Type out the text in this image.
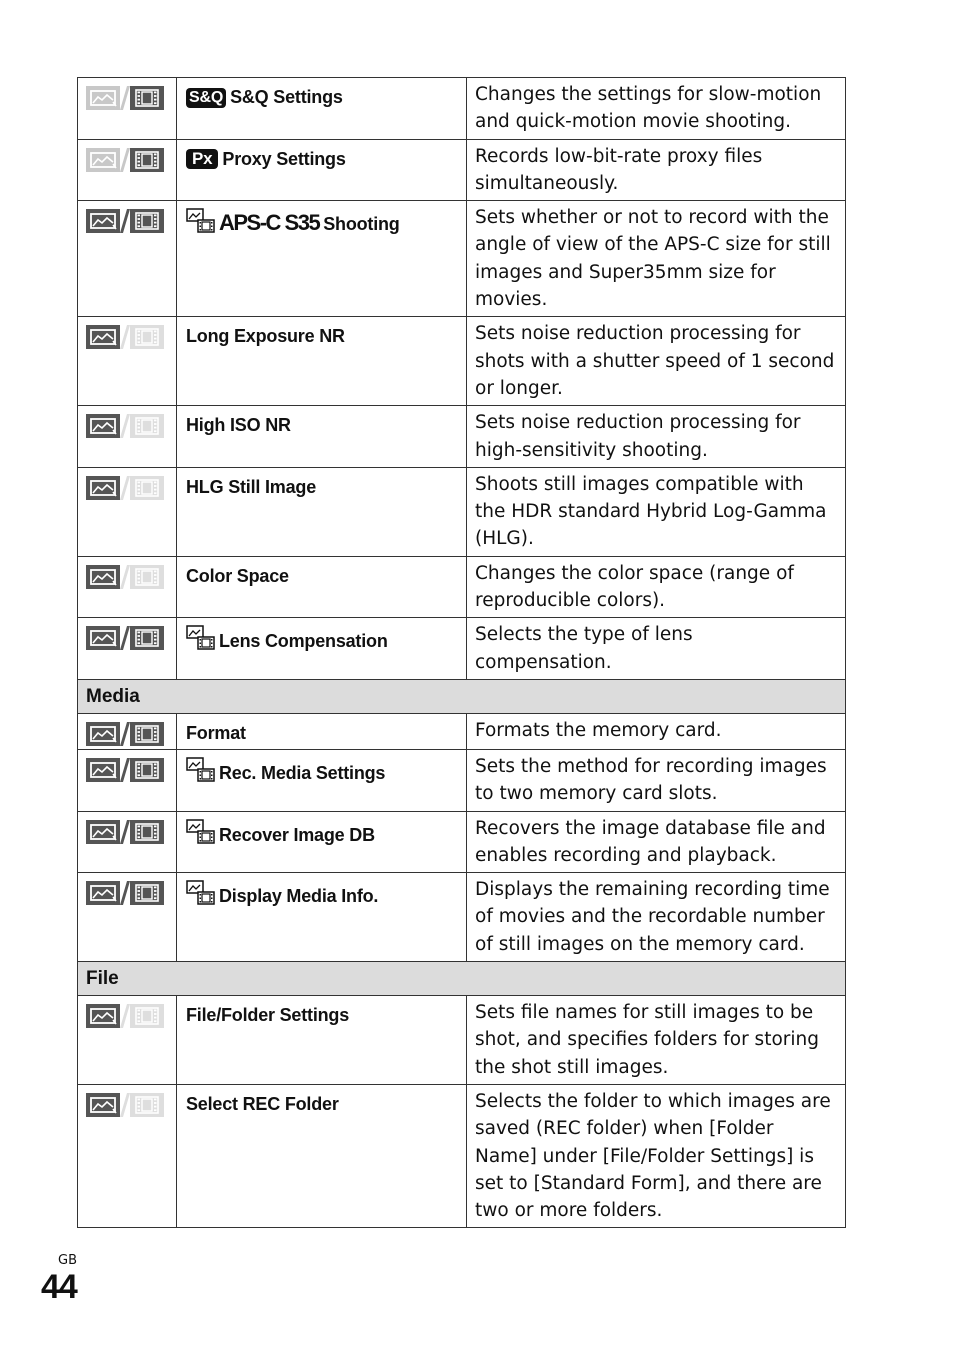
	S&Q S&Q Settings	Changes the settings for slow-motion and quick-motion movie shooting.

	Px Proxy Settings	Records low-bit-rate proxy files simultaneously.

	APS-C S35 Shooting	Sets whether or not to record with the angle of view of the APS-C size for still images and Super35mm size for movies.

	Long Exposure NR	Sets noise reduction processing for shots with a shutter speed of 1 second or longer.

	High ISO NR	Sets noise reduction processing for high-sensitivity shooting.

	HLG Still Image	Shoots still images compatible with the HDR standard Hybrid Log-Gamma (HLG).

	Color Space	Changes the color space (range of reproducible colors).

	Lens Compensation	Selects the type of lens compensation.
Media		

	Format	Formats the memory card.

	Rec. Media Settings	Sets the method for recording images to two memory card slots.

	Recover Image DB	Recovers the image database file and enables recording and playback.

	Display Media Info.	Displays the remaining recording time of movies and the recordable number of still images on the memory card.
File		

	File/Folder Settings	Sets file names for still images to be shot, and specifies folders for storing the shot still images.

	Select REC Folder	Selects the folder to which images are saved (REC folder) when [Folder Name] under [File/Folder Settings] is set to [Standard Form], and there are two or more folders.
GB
44
